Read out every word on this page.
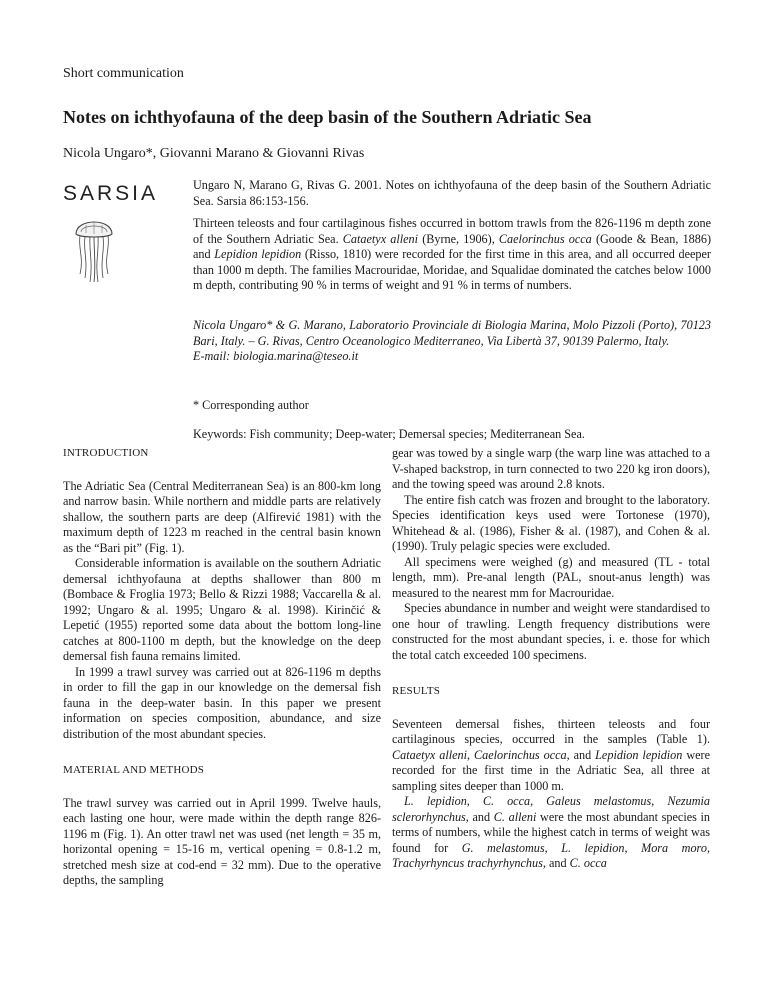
Short communication
Notes on ichthyofauna of the deep basin of the Southern Adriatic Sea
Nicola Ungaro*, Giovanni Marano & Giovanni Rivas
SARSIA	Ungaro N, Marano G, Rivas G. 2001. Notes on ichthyofauna of the deep basin of the Southern Adriatic Sea. Sarsia 86:153-156.

Thirteen teleosts and four cartilaginous fishes occurred in bottom trawls from the 826-1196 m depth zone of the Southern Adriatic Sea. Cataetyx alleni (Byrne, 1906), Caelorinchus occa (Goode & Bean, 1886) and Lepidion lepidion (Risso, 1810) were recorded for the first time in this area, and all occurred deeper than 1000 m depth. The families Macrouridae, Moridae, and Squalidae dominated the catches below 1000 m depth, contributing 90 % in terms of weight and 91 % in terms of numbers.

Nicola Ungaro* & G. Marano, Laboratorio Provinciale di Biologia Marina, Molo Pizzoli (Porto), 70123 Bari, Italy. – G. Rivas, Centro Oceanologico Mediterraneo, Via Libertà 37, 90139 Palermo, Italy.

E-mail: biologia.marina@teseo.it

* Corresponding author
Keywords: Fish community; Deep-water; Demersal species; Mediterranean Sea.
INTRODUCTION

The Adriatic Sea (Central Mediterranean Sea) is an 800-km long and narrow basin. While northern and middle parts are relatively shallow, the southern parts are deep (Alfirević 1981) with the maximum depth of 1223 m reached in the central basin known as the “Bari pit” (Fig. 1).

Considerable information is available on the southern Adriatic demersal ichthyofauna at depths shallower than 800 m (Bombace & Froglia 1973; Bello & Rizzi 1988; Vaccarella & al. 1992; Ungaro & al. 1995; Ungaro & al. 1998). Kirinčić & Lepetić (1955) reported some data about the bottom long-line catches at 800-1100 m depth, but the knowledge on the deep demersal fish fauna remains limited.

In 1999 a trawl survey was carried out at 826-1196 m depths in order to fill the gap in our knowledge on the demersal fish fauna in the deep-water basin. In this paper we present information on species composition, abundance, and size distribution of the most abundant species.

MATERIAL AND METHODS

The trawl survey was carried out in April 1999. Twelve hauls, each lasting one hour, were made within the depth range 826-1196 m (Fig. 1). An otter trawl net was used (net length = 35 m, horizontal opening = 15-16 m, vertical opening = 0.8-1.2 m, stretched mesh size at cod-end = 32 mm). Due to the operative depths, the sampling

gear was towed by a single warp (the warp line was attached to a V-shaped backstrop, in turn connected to two 220 kg iron doors), and the towing speed was around 2.8 knots.

The entire fish catch was frozen and brought to the laboratory. Species identification keys used were Tortonese (1970), Whitehead & al. (1986), Fisher & al. (1987), and Cohen & al. (1990). Truly pelagic species were excluded.

All specimens were weighed (g) and measured (TL - total length, mm). Pre-anal length (PAL, snout-anus length) was measured to the nearest mm for Macrouridae.

Species abundance in number and weight were standardised to one hour of trawling. Length frequency distributions were constructed for the most abundant species, i. e. those for which the total catch exceeded 100 specimens.

RESULTS

Seventeen demersal fishes, thirteen teleosts and four cartilaginous species, occurred in the samples (Table 1). Cataetyx alleni, Caelorinchus occa, and Lepidion lepidion were recorded for the first time in the Adriatic Sea, all three at sampling sites deeper than 1000 m.

L. lepidion, C. occa, Galeus melastomus, Nezumia sclerorhynchus, and C. alleni were the most abundant species in terms of numbers, while the highest catch in terms of weight was found for G. melastomus, L. lepidion, Mora moro, Trachyrhyncus trachyrhynchus, and C. occa
